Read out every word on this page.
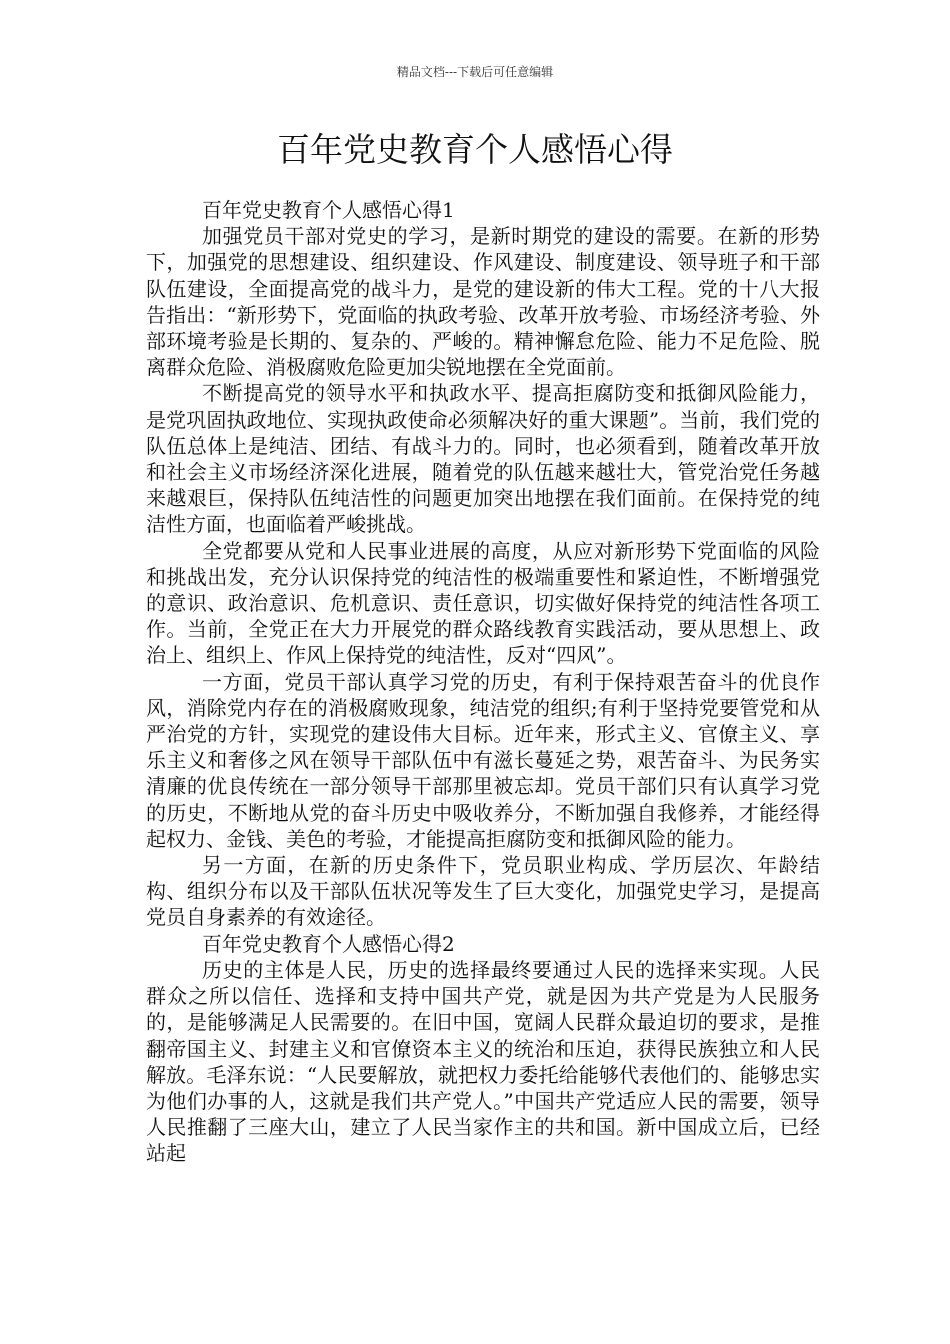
精品文档---下载后可任意编辑
百年党史教育个人感悟心得

百年党史教育个人感悟心得1

加强党员干部对党史的学习，是新时期党的建设的需要。在新的形势下，加强党的思想建设、组织建设、作风建设、制度建设、领导班子和干部队伍建设，全面提高党的战斗力，是党的建设新的伟大工程。党的十八大报告指出：“新形势下，党面临的执政考验、改革开放考验、市场经济考验、外部环境考验是长期的、复杂的、严峻的。精神懈怠危险、能力不足危险、脱离群众危险、消极腐败危险更加尖锐地摆在全党面前。

不断提高党的领导水平和执政水平、提高拒腐防变和抵御风险能力，是党巩固执政地位、实现执政使命必须解决好的重大课题”。当前，我们党的队伍总体上是纯洁、团结、有战斗力的。同时，也必须看到，随着改革开放和社会主义市场经济深化进展，随着党的队伍越来越壮大，管党治党任务越来越艰巨，保持队伍纯洁性的问题更加突出地摆在我们面前。在保持党的纯洁性方面，也面临着严峻挑战。

全党都要从党和人民事业进展的高度，从应对新形势下党面临的风险和挑战出发，充分认识保持党的纯洁性的极端重要性和紧迫性，不断增强党的意识、政治意识、危机意识、责任意识，切实做好保持党的纯洁性各项工作。当前，全党正在大力开展党的群众路线教育实践活动，要从思想上、政治上、组织上、作风上保持党的纯洁性，反对“四风”。

一方面，党员干部认真学习党的历史，有利于保持艰苦奋斗的优良作风，消除党内存在的消极腐败现象，纯洁党的组织;有利于坚持党要管党和从严治党的方针，实现党的建设伟大目标。近年来，形式主义、官僚主义、享乐主义和奢侈之风在领导干部队伍中有滋长蔓延之势，艰苦奋斗、为民务实清廉的优良传统在一部分领导干部那里被忘却。党员干部们只有认真学习党的历史，不断地从党的奋斗历史中吸收养分，不断加强自我修养，才能经得起权力、金钱、美色的考验，才能提高拒腐防变和抵御风险的能力。

另一方面，在新的历史条件下，党员职业构成、学历层次、年龄结构、组织分布以及干部队伍状况等发生了巨大变化，加强党史学习，是提高党员自身素养的有效途径。

百年党史教育个人感悟心得2

历史的主体是人民，历史的选择最终要通过人民的选择来实现。人民群众之所以信任、选择和支持中国共产党，就是因为共产党是为人民服务的，是能够满足人民需要的。在旧中国，宽阔人民群众最迫切的要求，是推翻帝国主义、封建主义和官僚资本主义的统治和压迫，获得民族独立和人民解放。毛泽东说：“人民要解放，就把权力委托给能够代表他们的、能够忠实为他们办事的人，这就是我们共产党人。”中国共产党适应人民的需要，领导人民推翻了三座大山，建立了人民当家作主的共和国。新中国成立后，已经站起
